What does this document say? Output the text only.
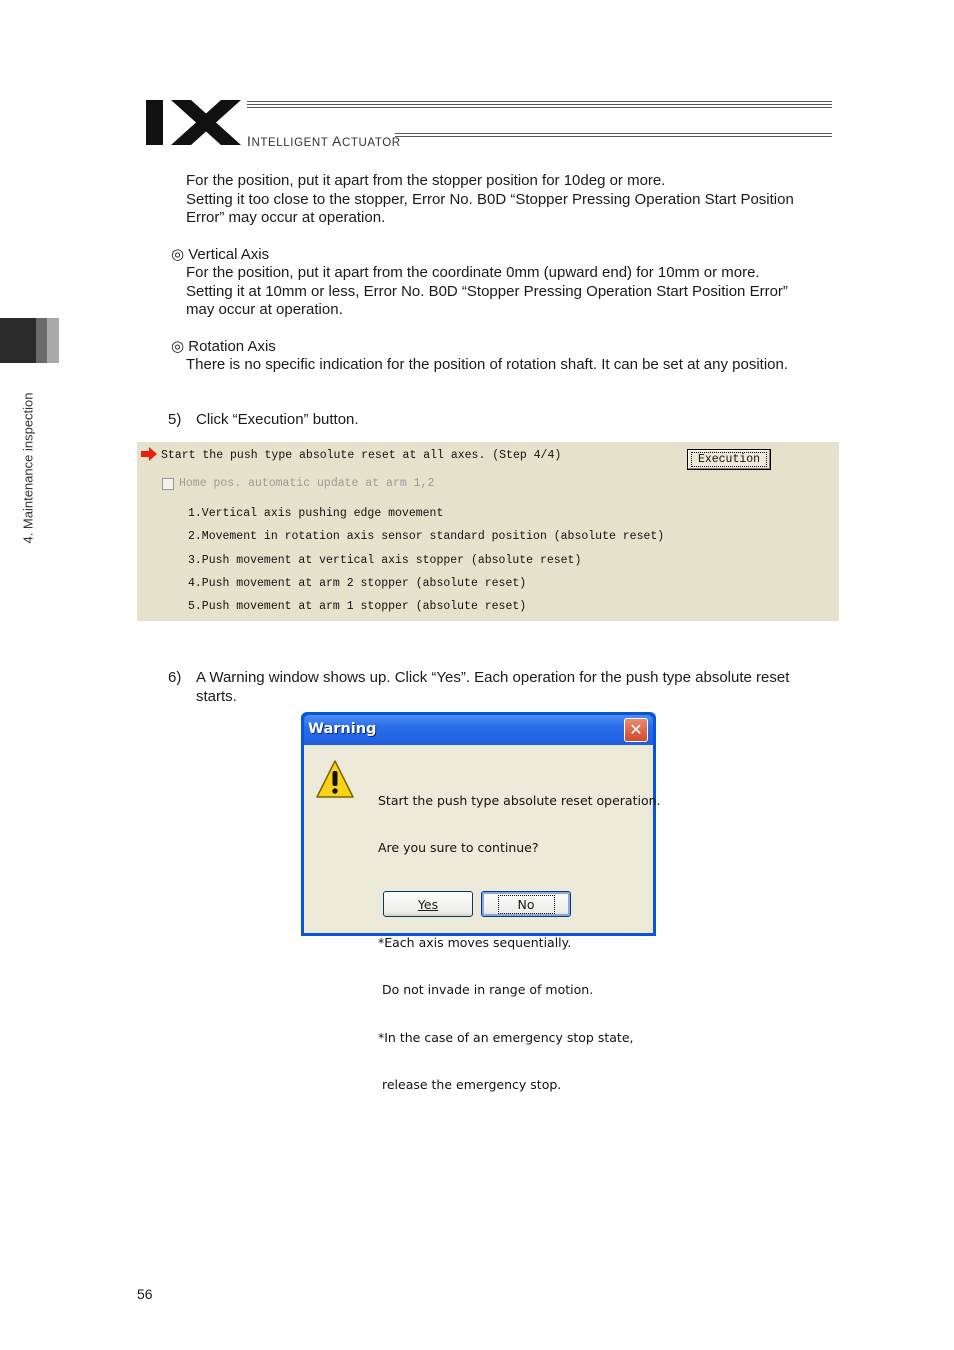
IX
INTELLIGENT ACTUATOR
4. Maintenance inspection
For the position, put it apart from the stopper position for 10deg or more.
Setting it too close to the stopper, Error No. B0D “Stopper Pressing Operation Start Position
Error” may occur at operation.
◎ Vertical Axis
For the position, put it apart from the coordinate 0mm (upward end) for 10mm or more.
Setting it at 10mm or less, Error No. B0D “Stopper Pressing Operation Start Position Error”
may occur at operation.
◎ Rotation Axis
There is no specific indication for the position of rotation shaft. It can be set at any position.
5) Click “Execution” button.
Start the push type absolute reset at all axes. (Step 4/4)	Execution
Home pos. automatic update at arm 1,2
1.Vertical axis pushing edge movement
2.Movement in rotation axis sensor standard position (absolute reset)
3.Push movement at vertical axis stopper (absolute reset)
4.Push movement at arm 2 stopper (absolute reset)
5.Push movement at arm 1 stopper (absolute reset)
6) A Warning window shows up. Click “Yes”. Each operation for the push type absolute reset
starts.
Warning	✕

Start the push type absolute reset operation.

Are you sure to continue?

*Each axis moves sequentially.

Do not invade in range of motion.

*In the case of an emergency stop state,

release the emergency stop.

Yes	No
56
